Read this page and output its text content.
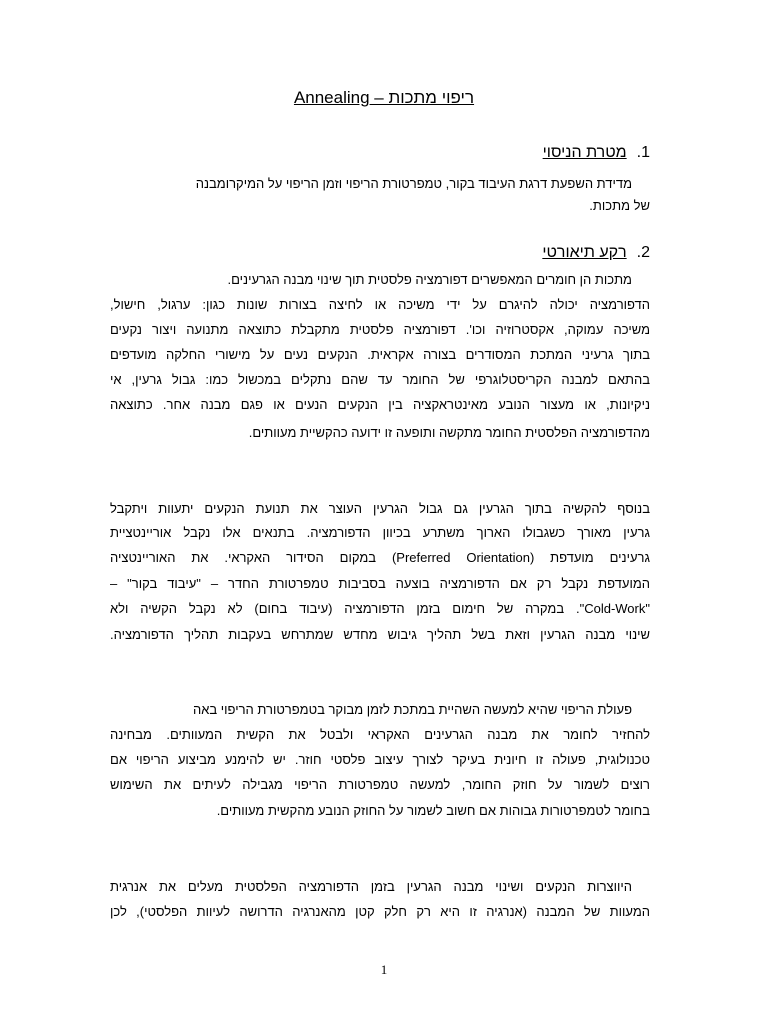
ריפוי מתכות – Annealing
1.מטרת הניסוי
מדידת השפעת דרגת העיבוד בקור, טמפרטורת הריפוי וזמן הריפוי על המיקרומבנה
של מתכות.
2.רקע תיאורטי
מתכות הן חומרים המאפשרים דפורמציה פלסטית תוך שינוי מבנה הגרעינים.
הדפורמציה יכולה להיגרם על ידי משיכה או לחיצה בצורות שונות כגון: ערגול, חישול,
משיכה עמוקה, אקסטרוזיה וכו'. דפורמציה פלסטית מתקבלת כתוצאה מתנועה ויצור נקעים
בתוך גרעיני המתכת המסודרים בצורה אקראית. הנקעים נעים על מישורי החלקה מועדפים
בהתאם למבנה הקריסטלוגרפי של החומר עד שהם נתקלים במכשול כמו: גבול גרעין, אי
ניקיונות, או מעצור הנובע מאינטראקציה בין הנקעים הנעים או פגם מבנה אחר. כתוצאה
מהדפורמציה הפלסטית החומר מתקשה ותופעה זו ידועה כהקשיית מעוותים.
בנוסף להקשיה בתוך הגרעין גם גבול הגרעין העוצר את תנועת הנקעים יתעוות ויתקבל
גרעין מאורך כשגבולו הארוך משתרע בכיוון הדפורמציה. בתנאים אלו נקבל אוריינטציית
גרעינים מועדפת (Preferred Orientation) במקום הסידור האקראי. את האוריינטציה
המועדפת נקבל רק אם הדפורמציה בוצעה בסביבות טמפרטורת החדר – "עיבוד בקור" –
"Cold-Work". במקרה של חימום בזמן הדפורמציה (עיבוד בחום) לא נקבל הקשיה ולא
שינוי מבנה הגרעין וזאת בשל תהליך גיבוש מחדש שמתרחש בעקבות תהליך הדפורמציה.
פעולת הריפוי שהיא למעשה השהיית במתכת לזמן מבוקר בטמפרטורת הריפוי באה
להחזיר לחומר את מבנה הגרעינים האקראי ולבטל את הקשית המעוותים. מבחינה
טכנולוגית, פעולה זו חיונית בעיקר לצורך עיצוב פלסטי חוזר. יש להימנע מביצוע הריפוי אם
רוצים לשמור על חוזק החומר, למעשה טמפרטורת הריפוי מגבילה לעיתים את השימוש
בחומר לטמפרטורות גבוהות אם חשוב לשמור על החוזק הנובע מהקשית מעוותים.
היווצרות הנקעים ושינוי מבנה הגרעין בזמן הדפורמציה הפלסטית מעלים את אנרגית
המעוות של המבנה (אנרגיה זו היא רק חלק קטן מהאנרגיה הדרושה לעיוות הפלסטי), לכן
1
